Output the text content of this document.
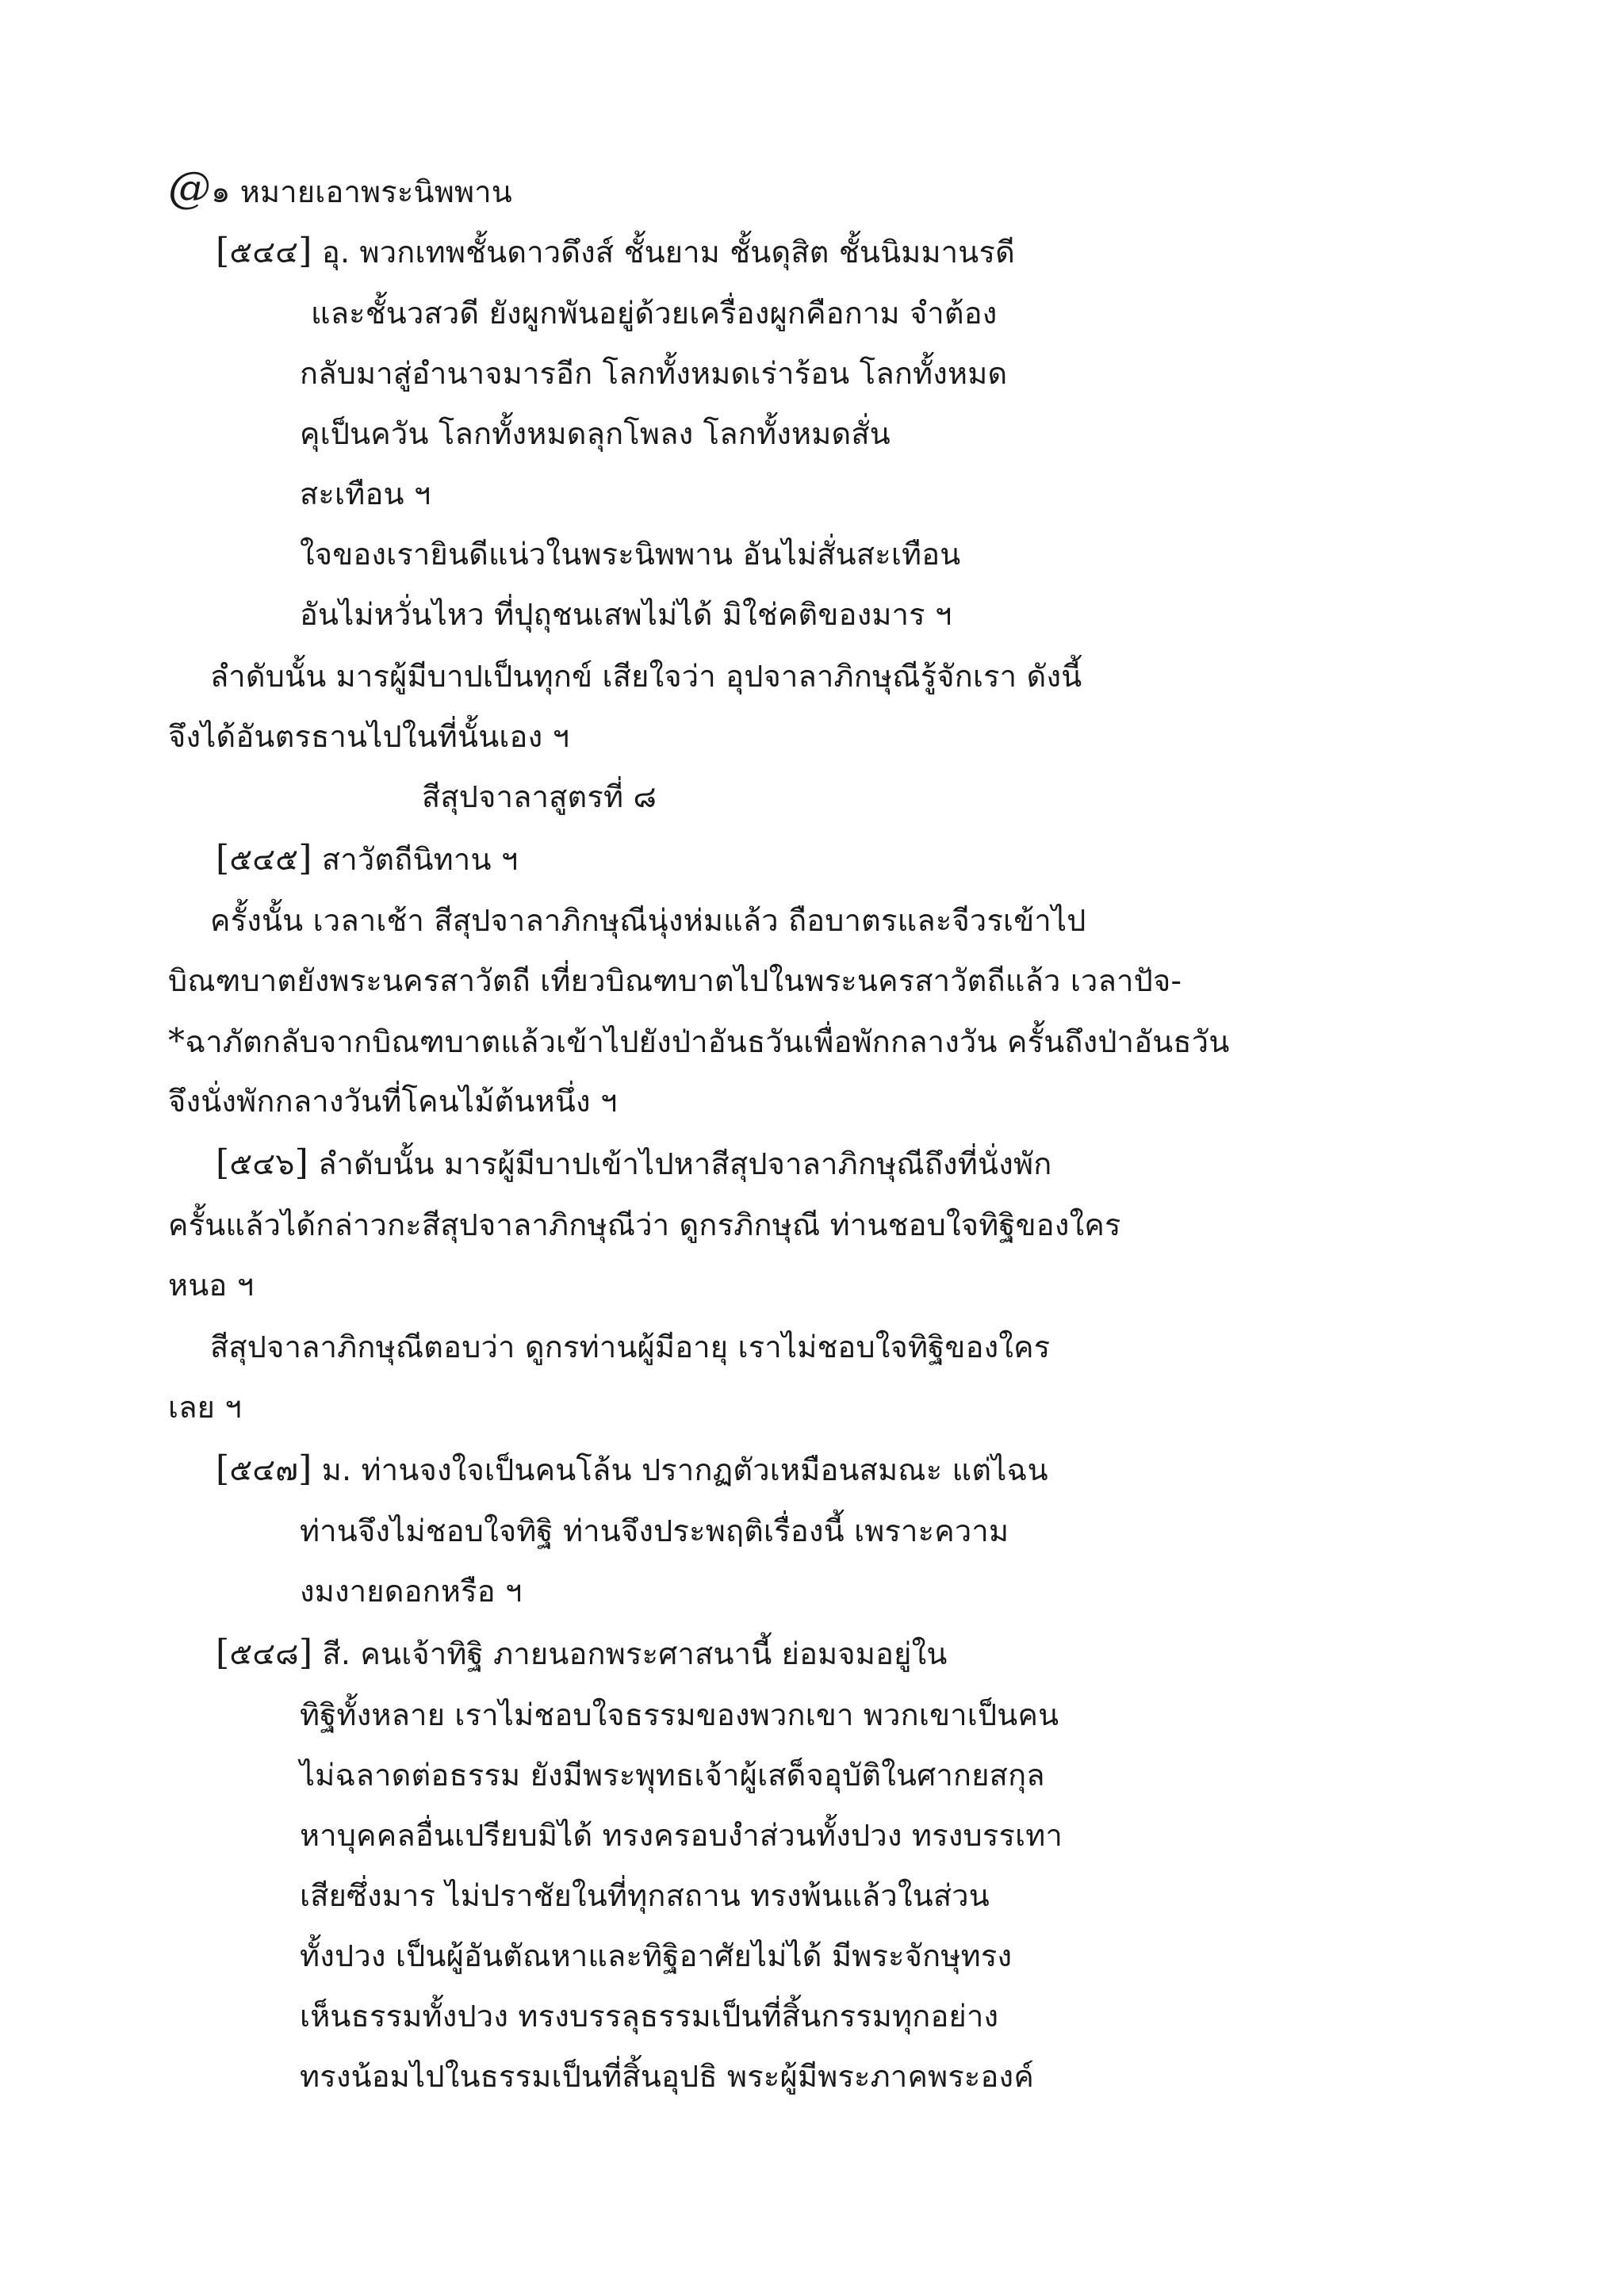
@๑ หมายเอาพระนิพพาน
[๕๔๔] อุ. พวกเทพชั้นดาวดึงส์ ชั้นยาม ชั้นดุสิต ชั้นนิมมานรดี
และชั้นวสวดี ยังผูกพันอยู่ด้วยเครื่องผูกคือกาม จำต้อง
กลับมาสู่อำนาจมารอีก โลกทั้งหมดเร่าร้อน โลกทั้งหมด
คุเป็นควัน โลกทั้งหมดลุกโพลง โลกทั้งหมดสั่น
สะเทือน ฯ
ใจของเรายินดีแน่วในพระนิพพาน อันไม่สั่นสะเทือน
อันไม่หวั่นไหว ที่ปุถุชนเสพไม่ได้ มิใช่คติของมาร ฯ
ลำดับนั้น มารผู้มีบาปเป็นทุกข์ เสียใจว่า อุปจาลาภิกษุณีรู้จักเรา ดังนี้
จึงได้อันตรธานไปในที่นั้นเอง ฯ
สีสุปจาลาสูตรที่ ๘
[๕๔๕] สาวัตถีนิทาน ฯ
ครั้งนั้น เวลาเช้า สีสุปจาลาภิกษุณีนุ่งห่มแล้ว ถือบาตรและจีวรเข้าไป
บิณฑบาตยังพระนครสาวัตถี เที่ยวบิณฑบาตไปในพระนครสาวัตถีแล้ว เวลาปัจ-
*ฉาภัตกลับจากบิณฑบาตแล้วเข้าไปยังป่าอันธวันเพื่อพักกลางวัน ครั้นถึงป่าอันธวัน
จึงนั่งพักกลางวันที่โคนไม้ต้นหนึ่ง ฯ
[๕๔๖] ลำดับนั้น มารผู้มีบาปเข้าไปหาสีสุปจาลาภิกษุณีถึงที่นั่งพัก
ครั้นแล้วได้กล่าวกะสีสุปจาลาภิกษุณีว่า ดูกรภิกษุณี ท่านชอบใจทิฐิของใคร
หนอ ฯ
สีสุปจาลาภิกษุณีตอบว่า ดูกรท่านผู้มีอายุ เราไม่ชอบใจทิฐิของใคร
เลย ฯ
[๕๔๗] ม. ท่านจงใจเป็นคนโล้น ปรากฏตัวเหมือนสมณะ แต่ไฉน
ท่านจึงไม่ชอบใจทิฐิ ท่านจึงประพฤติเรื่องนี้ เพราะความ
งมงายดอกหรือ ฯ
[๕๔๘] สี. คนเจ้าทิฐิ ภายนอกพระศาสนานี้ ย่อมจมอยู่ใน
ทิฐิทั้งหลาย เราไม่ชอบใจธรรมของพวกเขา พวกเขาเป็นคน
ไม่ฉลาดต่อธรรม ยังมีพระพุทธเจ้าผู้เสด็จอุบัติในศากยสกุล
หาบุคคลอื่นเปรียบมิได้ ทรงครอบงำส่วนทั้งปวง ทรงบรรเทา
เสียซึ่งมาร ไม่ปราชัยในที่ทุกสถาน ทรงพ้นแล้วในส่วน
ทั้งปวง เป็นผู้อันตัณหาและทิฐิอาศัยไม่ได้ มีพระจักษุทรง
เห็นธรรมทั้งปวง ทรงบรรลุธรรมเป็นที่สิ้นกรรมทุกอย่าง
ทรงน้อมไปในธรรมเป็นที่สิ้นอุปธิ พระผู้มีพระภาคพระองค์
